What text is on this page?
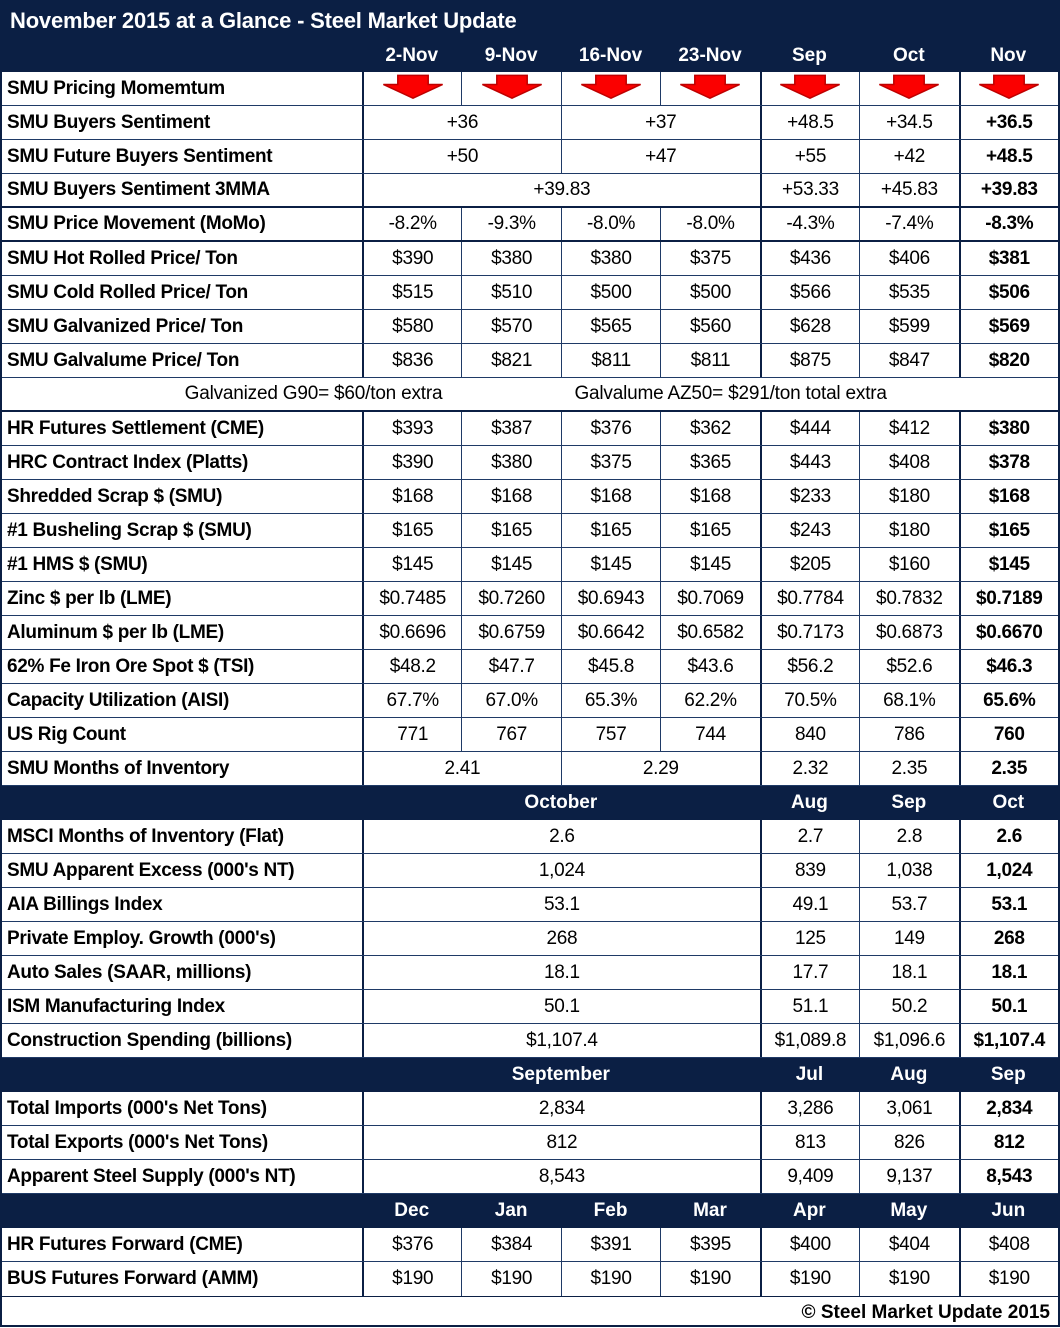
November 2015 at a Glance - Steel Market Update
2-Nov	9-Nov	16-Nov	23-Nov	Sep	Oct	Nov
SMU Pricing Momemtum
SMU Buyers Sentiment	+36	+37	+48.5	+34.5	+36.5
SMU Future Buyers Sentiment	+50	+47	+55	+42	+48.5
SMU Buyers Sentiment 3MMA	+39.83	+53.33	+45.83	+39.83
SMU Price Movement (MoMo)	-8.2%	-9.3%	-8.0%	-8.0%	-4.3%	-7.4%	-8.3%
SMU Hot Rolled Price/ Ton	$390	$380	$380	$375	$436	$406	$381
SMU Cold Rolled Price/ Ton	$515	$510	$500	$500	$566	$535	$506
SMU Galvanized Price/ Ton	$580	$570	$565	$560	$628	$599	$569
SMU Galvalume Price/ Ton	$836	$821	$811	$811	$875	$847	$820
Galvanized G90= $60/ton extra	Galvalume AZ50= $291/ton total extra
HR Futures Settlement (CME)	$393	$387	$376	$362	$444	$412	$380
HRC Contract Index (Platts)	$390	$380	$375	$365	$443	$408	$378
Shredded Scrap $ (SMU)	$168	$168	$168	$168	$233	$180	$168
#1 Busheling Scrap $ (SMU)	$165	$165	$165	$165	$243	$180	$165
#1 HMS $ (SMU)	$145	$145	$145	$145	$205	$160	$145
Zinc $ per lb (LME)	$0.7485	$0.7260	$0.6943	$0.7069	$0.7784	$0.7832	$0.7189
Aluminum $ per lb (LME)	$0.6696	$0.6759	$0.6642	$0.6582	$0.7173	$0.6873	$0.6670
62% Fe Iron Ore Spot $ (TSI)	$48.2	$47.7	$45.8	$43.6	$56.2	$52.6	$46.3
Capacity Utilization (AISI)	67.7%	67.0%	65.3%	62.2%	70.5%	68.1%	65.6%
US Rig Count	771	767	757	744	840	786	760
SMU Months of Inventory	2.41	2.29	2.32	2.35	2.35
October	Aug	Sep	Oct
MSCI Months of Inventory (Flat)	2.6	2.7	2.8	2.6
SMU Apparent Excess (000's NT)	1,024	839	1,038	1,024
AIA Billings Index	53.1	49.1	53.7	53.1
Private Employ. Growth (000's)	268	125	149	268
Auto Sales (SAAR, millions)	18.1	17.7	18.1	18.1
ISM Manufacturing Index	50.1	51.1	50.2	50.1
Construction Spending (billions)	$1,107.4	$1,089.8	$1,096.6	$1,107.4
September	Jul	Aug	Sep
Total Imports (000's Net Tons)	2,834	3,286	3,061	2,834
Total Exports (000's Net Tons)	812	813	826	812
Apparent Steel Supply (000's NT)	8,543	9,409	9,137	8,543
Dec	Jan	Feb	Mar	Apr	May	Jun
HR Futures Forward (CME)	$376	$384	$391	$395	$400	$404	$408
BUS Futures Forward (AMM)	$190	$190	$190	$190	$190	$190	$190
© Steel Market Update 2015
